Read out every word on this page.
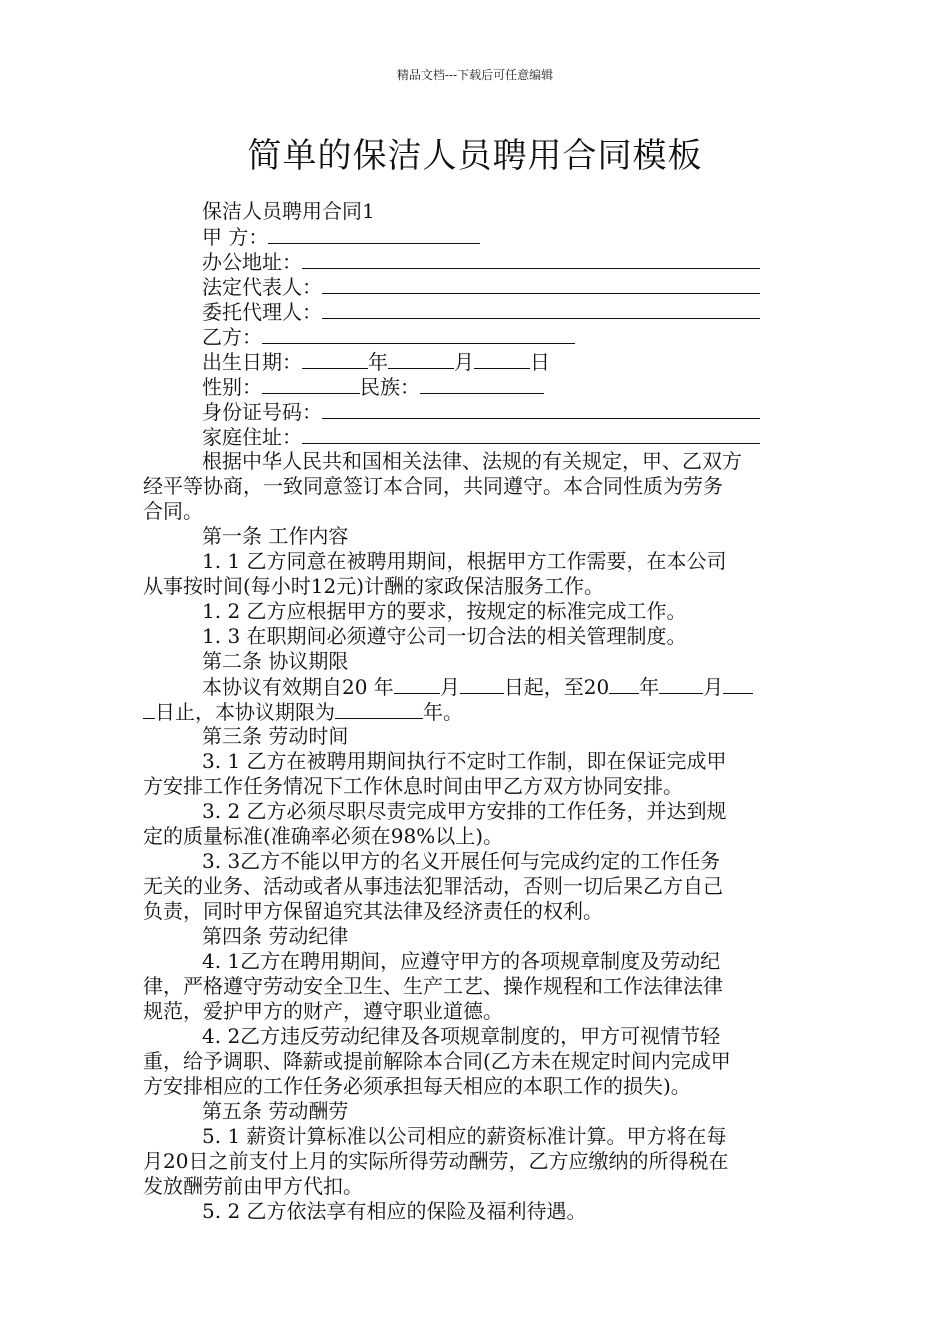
精品文档---下载后可任意编辑
简单的保洁人员聘用合同模板
保洁人员聘用合同1
甲 方：
办公地址：
法定代表人：
委托代理人：
乙方：
出生日期：	年	月	日
性别：	民族：
身份证号码：
家庭住址：
根据中华人民共和国相关法律、法规的有关规定，甲、乙双方
经平等协商，一致同意签订本合同，共同遵守。本合同性质为劳务
合同。
第一条 工作内容
1. 1 乙方同意在被聘用期间，根据甲方工作需要，在本公司
从事按时间(每小时12元)计酬的家政保洁服务工作。
1. 2 乙方应根据甲方的要求，按规定的标准完成工作。
1. 3 在职期间必须遵守公司一切合法的相关管理制度。
第二条 协议期限
本协议有效期自20 年 月 日起，至20 年 月
日止，本协议期限为	年。
第三条 劳动时间
3. 1 乙方在被聘用期间执行不定时工作制，即在保证完成甲
方安排工作任务情况下工作休息时间由甲乙方双方协同安排。
3. 2 乙方必须尽职尽责完成甲方安排的工作任务，并达到规
定的质量标准(准确率必须在98%以上)。
3. 3乙方不能以甲方的名义开展任何与完成约定的工作任务
无关的业务、活动或者从事违法犯罪活动，否则一切后果乙方自己
负责，同时甲方保留追究其法律及经济责任的权利。
第四条 劳动纪律
4. 1乙方在聘用期间，应遵守甲方的各项规章制度及劳动纪
律，严格遵守劳动安全卫生、生产工艺、操作规程和工作法律法律
规范，爱护甲方的财产，遵守职业道德。
4. 2乙方违反劳动纪律及各项规章制度的，甲方可视情节轻
重，给予调职、降薪或提前解除本合同(乙方未在规定时间内完成甲
方安排相应的工作任务必须承担每天相应的本职工作的损失)。
第五条 劳动酬劳
5. 1 薪资计算标准以公司相应的薪资标准计算。甲方将在每
月20日之前支付上月的实际所得劳动酬劳，乙方应缴纳的所得税在
发放酬劳前由甲方代扣。
5. 2 乙方依法享有相应的保险及福利待遇。
